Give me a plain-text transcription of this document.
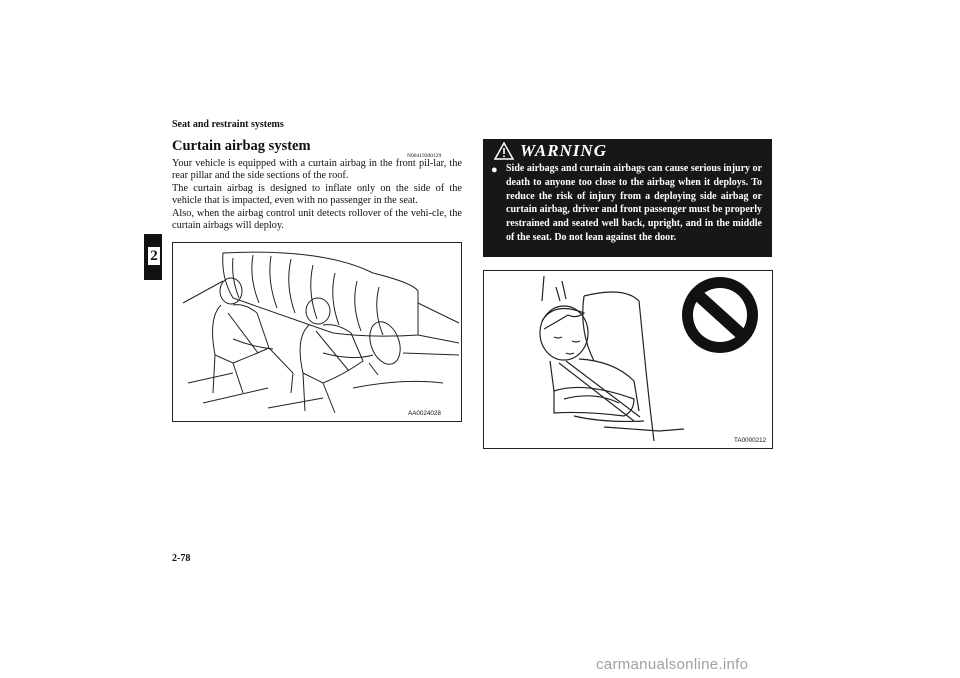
Seat and restraint systems
2
Curtain airbag system
N00419200129

Your vehicle is equipped with a curtain airbag in the front pil-lar, the rear pillar and the side sections of the roof.

The curtain airbag is designed to inflate only on the side of the vehicle that is impacted, even with no passenger in the seat.

Also, when the airbag control unit detects rollover of the vehi-cle, the curtain airbags will deploy.

AA0024028
WARNING
● Side airbags and curtain airbags can cause serious injury or death to anyone too close to the airbag when it deploys. To reduce the risk of injury from a deploying side airbag or curtain airbag, driver and front passenger must be properly restrained and seated well back, upright, and in the middle of the seat. Do not lean against the door.
TA0000212
2-78
carmanualsonline.info
